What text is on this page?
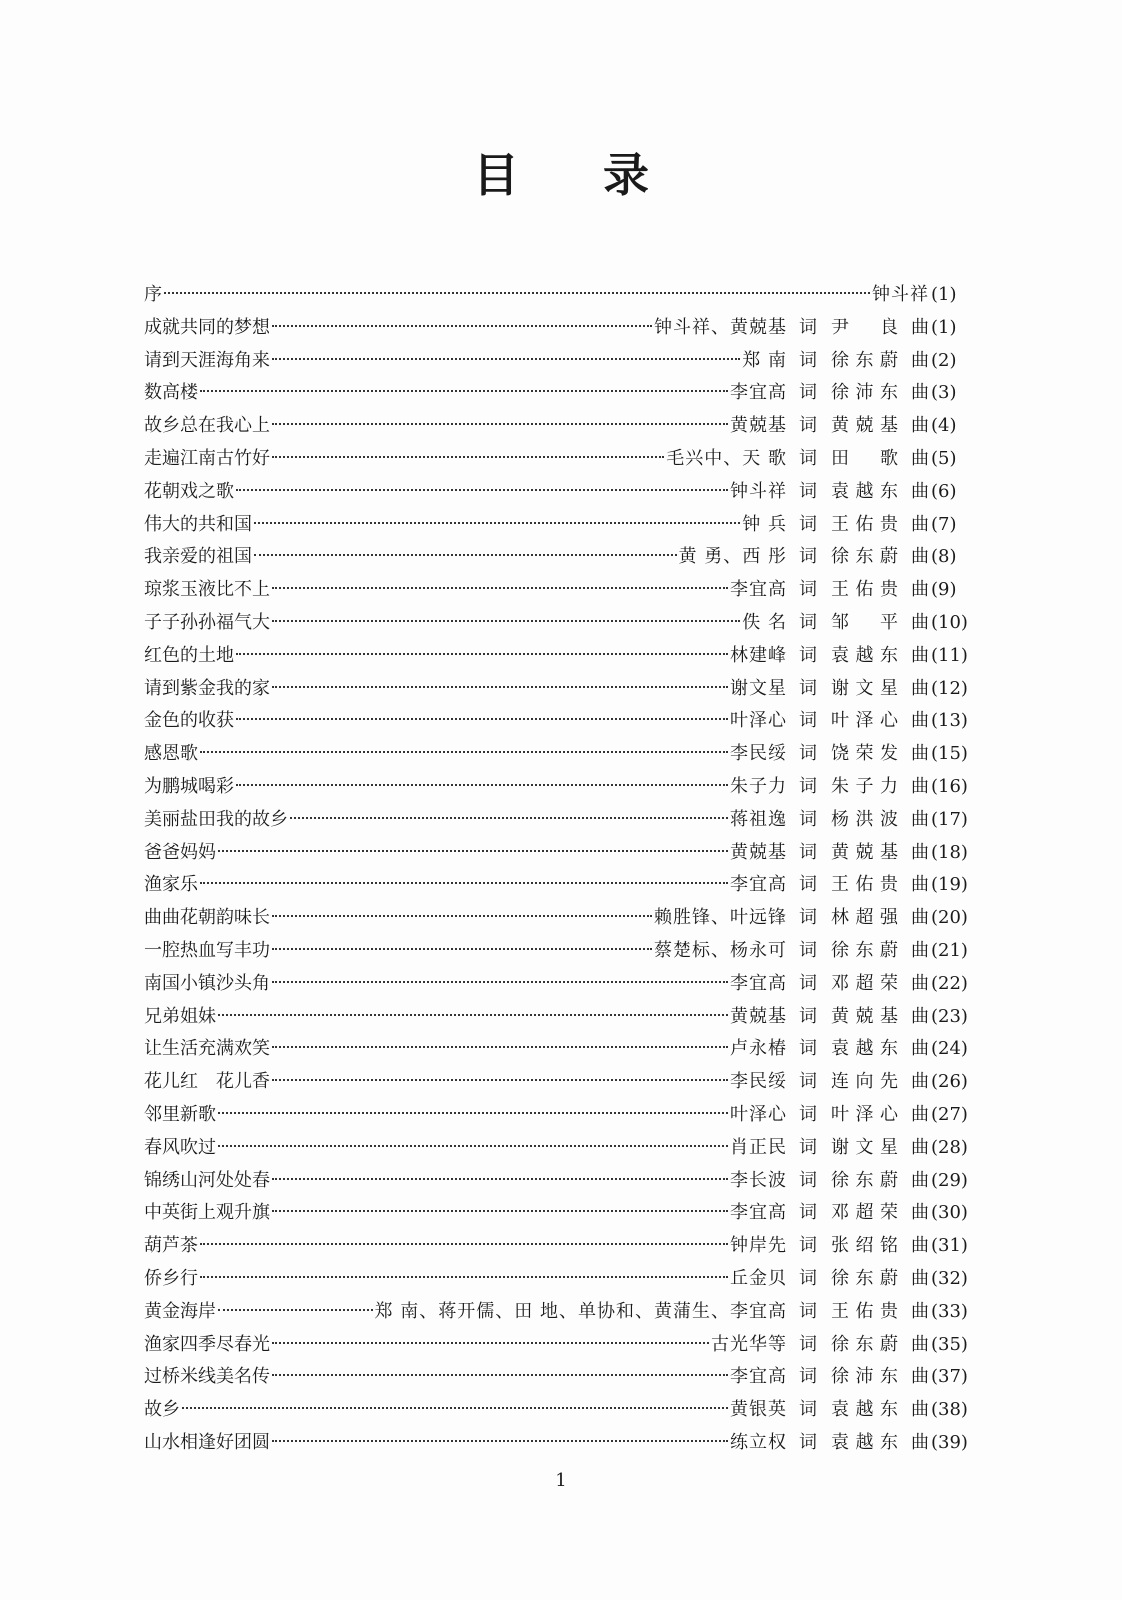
目 录
序	钟斗祥 (1)
成就共同的梦想	钟斗祥、黄兢基 词 尹 良 曲 (1)
请到天涯海角来	郑 南 词 徐东蔚 曲 (2)
数高楼	李宜高 词 徐沛东 曲 (3)
故乡总在我心上	黄兢基 词 黄兢基 曲 (4)
走遍江南古竹好	毛兴中、天 歌 词 田 歌 曲 (5)
花朝戏之歌	钟斗祥 词 袁越东 曲 (6)
伟大的共和国	钟 兵 词 王佑贵 曲 (7)
我亲爱的祖国	黄 勇、西 彤 词 徐东蔚 曲 (8)
琼浆玉液比不上	李宜高 词 王佑贵 曲 (9)
子子孙孙福气大	佚 名 词 邹 平 曲 (10)
红色的土地	林建峰 词 袁越东 曲 (11)
请到紫金我的家	谢文星 词 谢文星 曲 (12)
金色的收获	叶泽心 词 叶泽心 曲 (13)
感恩歌	李民绥 词 饶荣发 曲 (15)
为鹏城喝彩	朱子力 词 朱子力 曲 (16)
美丽盐田我的故乡	蒋祖逸 词 杨洪波 曲 (17)
爸爸妈妈	黄兢基 词 黄兢基 曲 (18)
渔家乐	李宜高 词 王佑贵 曲 (19)
曲曲花朝韵味长	赖胜锋、叶远锋 词 林超强 曲 (20)
一腔热血写丰功	蔡楚标、杨永可 词 徐东蔚 曲 (21)
南国小镇沙头角	李宜高 词 邓超荣 曲 (22)
兄弟姐妹	黄兢基 词 黄兢基 曲 (23)
让生活充满欢笑	卢永椿 词 袁越东 曲 (24)
花儿红　花儿香	李民绥 词 连向先 曲 (26)
邻里新歌	叶泽心 词 叶泽心 曲 (27)
春风吹过	肖正民 词 谢文星 曲 (28)
锦绣山河处处春	李长波 词 徐东蔚 曲 (29)
中英街上观升旗	李宜高 词 邓超荣 曲 (30)
葫芦茶	钟岸先 词 张绍铭 曲 (31)
侨乡行	丘金贝 词 徐东蔚 曲 (32)
黄金海岸	郑 南、蒋开儒、田 地、单协和、黄蒲生、李宜高 词 王佑贵 曲 (33)
渔家四季尽春光	古光华等 词 徐东蔚 曲 (35)
过桥米线美名传	李宜高 词 徐沛东 曲 (37)
故乡	黄银英 词 袁越东 曲 (38)
山水相逢好团圆	练立权 词 袁越东 曲 (39)
1
